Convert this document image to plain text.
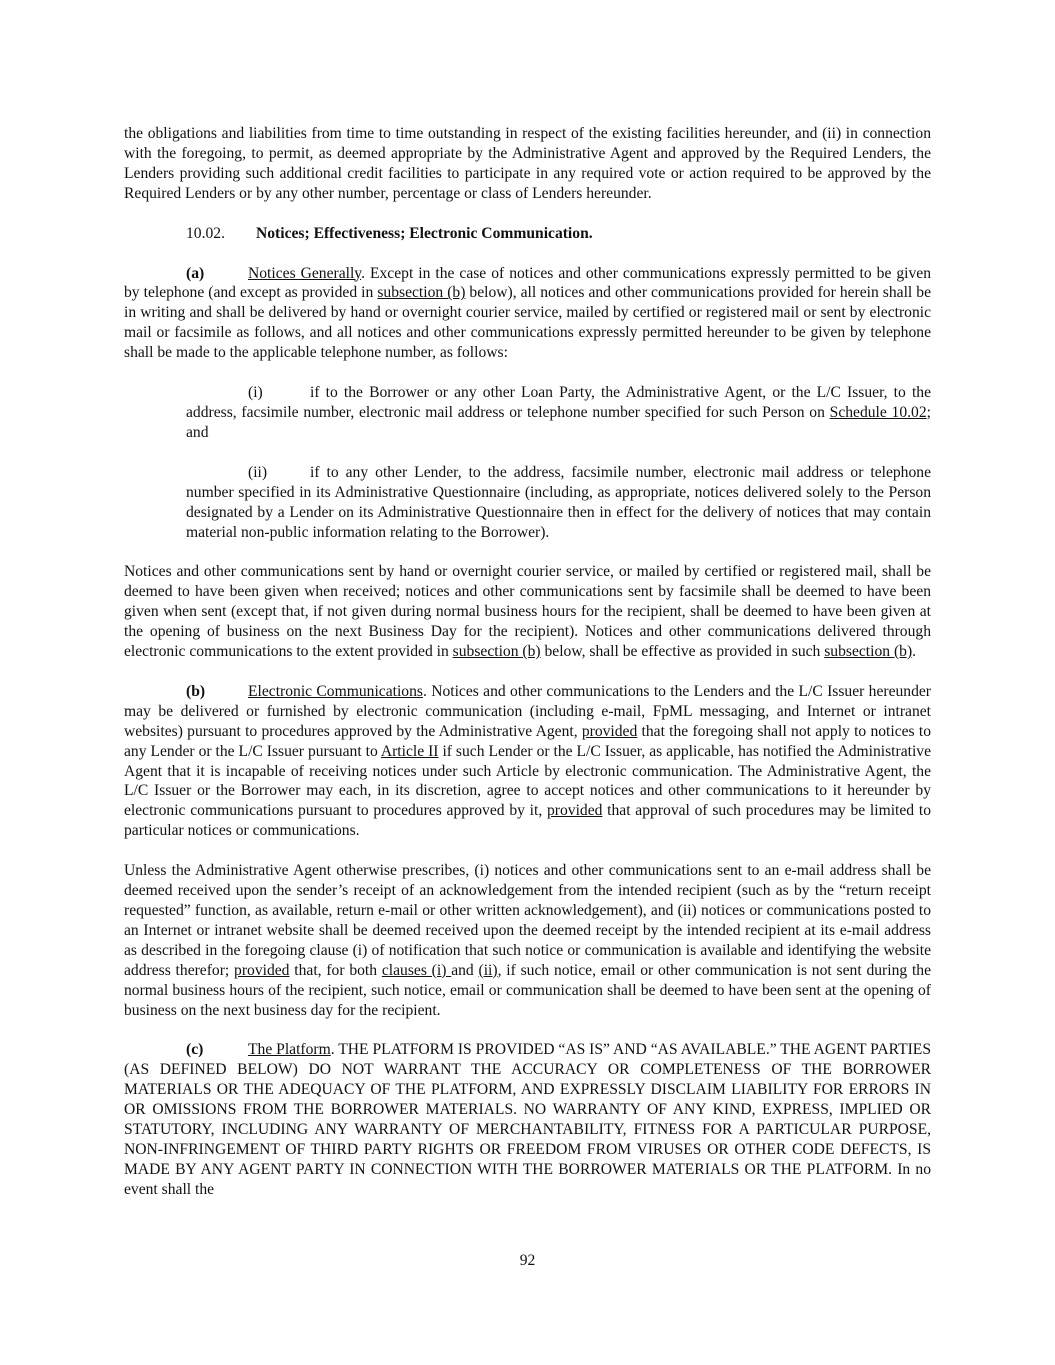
the obligations and liabilities from time to time outstanding in respect of the existing facilities hereunder, and (ii) in connection with the foregoing, to permit, as deemed appropriate by the Administrative Agent and approved by the Required Lenders, the Lenders providing such additional credit facilities to participate in any required vote or action required to be approved by the Required Lenders or by any other number, percentage or class of Lenders hereunder.

10.02. Notices; Effectiveness; Electronic Communication.

(a)	Notices Generally. Except in the case of notices and other communications expressly permitted to be given by telephone (and except as provided in subsection (b) below), all notices and other communications provided for herein shall be in writing and shall be delivered by hand or overnight courier service, mailed by certified or registered mail or sent by electronic mail or facsimile as follows, and all notices and other communications expressly permitted hereunder to be given by telephone shall be made to the applicable telephone number, as follows:

(i)	if to the Borrower or any other Loan Party, the Administrative Agent, or the L/C Issuer, to the address, facsimile number, electronic mail address or telephone number specified for such Person on Schedule 10.02; and

(ii)	if to any other Lender, to the address, facsimile number, electronic mail address or telephone number specified in its Administrative Questionnaire (including, as appropriate, notices delivered solely to the Person designated by a Lender on its Administrative Questionnaire then in effect for the delivery of notices that may contain material non-public information relating to the Borrower).

Notices and other communications sent by hand or overnight courier service, or mailed by certified or registered mail, shall be deemed to have been given when received; notices and other communications sent by facsimile shall be deemed to have been given when sent (except that, if not given during normal business hours for the recipient, shall be deemed to have been given at the opening of business on the next Business Day for the recipient). Notices and other communications delivered through electronic communications to the extent provided in subsection (b) below, shall be effective as provided in such subsection (b).

(b)	Electronic Communications. Notices and other communications to the Lenders and the L/C Issuer hereunder may be delivered or furnished by electronic communication (including e-mail, FpML messaging, and Internet or intranet websites) pursuant to procedures approved by the Administrative Agent, provided that the foregoing shall not apply to notices to any Lender or the L/C Issuer pursuant to Article II if such Lender or the L/C Issuer, as applicable, has notified the Administrative Agent that it is incapable of receiving notices under such Article by electronic communication. The Administrative Agent, the L/C Issuer or the Borrower may each, in its discretion, agree to accept notices and other communications to it hereunder by electronic communications pursuant to procedures approved by it, provided that approval of such procedures may be limited to particular notices or communications.

Unless the Administrative Agent otherwise prescribes, (i) notices and other communications sent to an e-mail address shall be deemed received upon the sender’s receipt of an acknowledgement from the intended recipient (such as by the “return receipt requested” function, as available, return e-mail or other written acknowledgement), and (ii) notices or communications posted to an Internet or intranet website shall be deemed received upon the deemed receipt by the intended recipient at its e-mail address as described in the foregoing clause (i) of notification that such notice or communication is available and identifying the website address therefor; provided that, for both clauses (i) and (ii), if such notice, email or other communication is not sent during the normal business hours of the recipient, such notice, email or communication shall be deemed to have been sent at the opening of business on the next business day for the recipient.

(c)	The Platform. THE PLATFORM IS PROVIDED “AS IS” AND “AS AVAILABLE.” THE AGENT PARTIES (AS DEFINED BELOW) DO NOT WARRANT THE ACCURACY OR COMPLETENESS OF THE BORROWER MATERIALS OR THE ADEQUACY OF THE PLATFORM, AND EXPRESSLY DISCLAIM LIABILITY FOR ERRORS IN OR OMISSIONS FROM THE BORROWER MATERIALS. NO WARRANTY OF ANY KIND, EXPRESS, IMPLIED OR STATUTORY, INCLUDING ANY WARRANTY OF MERCHANTABILITY, FITNESS FOR A PARTICULAR PURPOSE, NON-INFRINGEMENT OF THIRD PARTY RIGHTS OR FREEDOM FROM VIRUSES OR OTHER CODE DEFECTS, IS MADE BY ANY AGENT PARTY IN CONNECTION WITH THE BORROWER MATERIALS OR THE PLATFORM. In no event shall the

92
